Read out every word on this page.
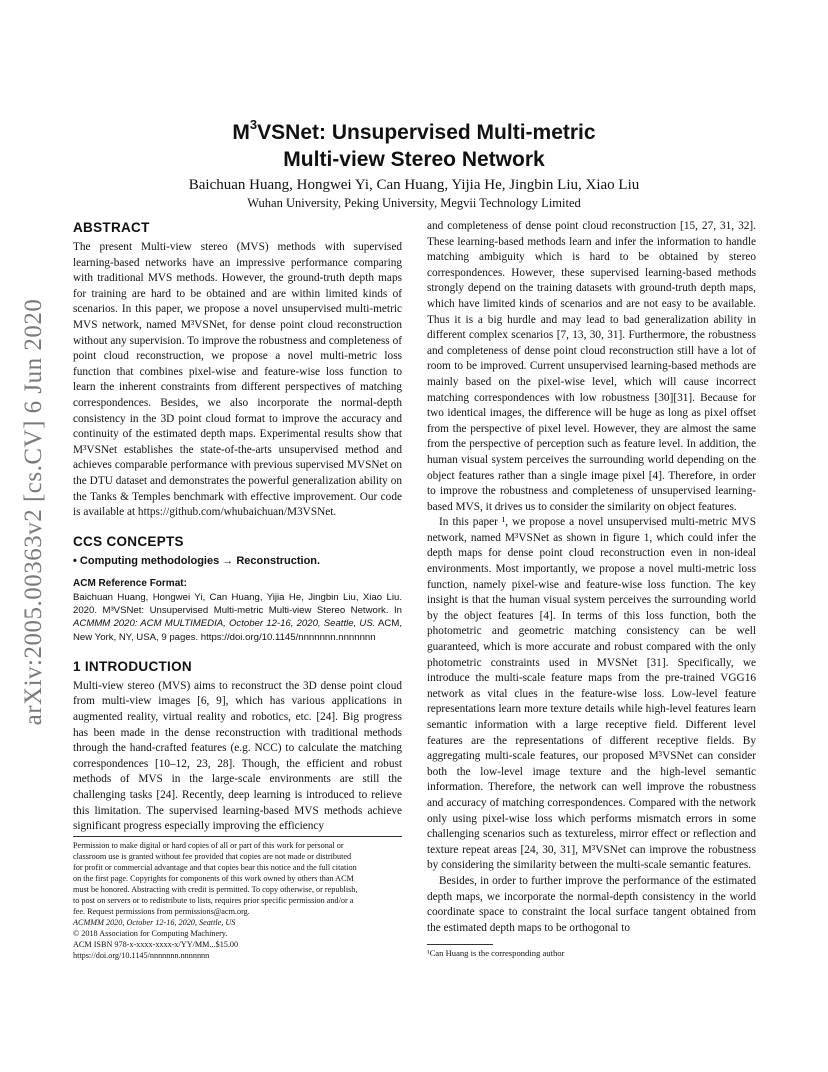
arXiv:2005.00363v2 [cs.CV] 6 Jun 2020
$M^3VSNet$: Unsupervised Multi-metric
Multi-view Stereo Network
Baichuan Huang, Hongwei Yi, Can Huang, Yijia He, Jingbin Liu, Xiao Liu
Wuhan University, Peking University, Megvii Technology Limited
ABSTRACT

The present Multi-view stereo (MVS) methods with supervised learning-based networks have an impressive performance comparing with traditional MVS methods. However, the ground-truth depth maps for training are hard to be obtained and are within limited kinds of scenarios. In this paper, we propose a novel unsupervised multi-metric MVS network, named M³VSNet, for dense point cloud reconstruction without any supervision. To improve the robustness and completeness of point cloud reconstruction, we propose a novel multi-metric loss function that combines pixel-wise and feature-wise loss function to learn the inherent constraints from different perspectives of matching correspondences. Besides, we also incorporate the normal-depth consistency in the 3D point cloud format to improve the accuracy and continuity of the estimated depth maps. Experimental results show that M³VSNet establishes the state-of-the-arts unsupervised method and achieves comparable performance with previous supervised MVSNet on the DTU dataset and demonstrates the powerful generalization ability on the Tanks & Temples benchmark with effective improvement. Our code is available at https://github.com/whubaichuan/M3VSNet.

CCS CONCEPTS

• Computing methodologies → Reconstruction.

ACM Reference Format:

Baichuan Huang, Hongwei Yi, Can Huang, Yijia He, Jingbin Liu, Xiao Liu. 2020. M³VSNet: Unsupervised Multi-metric Multi-view Stereo Network. In ACMMM 2020: ACM MULTIMEDIA, October 12-16, 2020, Seattle, US. ACM, New York, NY, USA, 9 pages. https://doi.org/10.1145/nnnnnnn.nnnnnnn

1 INTRODUCTION

Multi-view stereo (MVS) aims to reconstruct the 3D dense point cloud from multi-view images [6, 9], which has various applications in augmented reality, virtual reality and robotics, etc. [24]. Big progress has been made in the dense reconstruction with traditional methods through the hand-crafted features (e.g. NCC) to calculate the matching correspondences [10–12, 23, 28]. Though, the efficient and robust methods of MVS in the large-scale environments are still the challenging tasks [24]. Recently, deep learning is introduced to relieve this limitation. The supervised learning-based MVS methods achieve significant progress especially improving the efficiency

and completeness of dense point cloud reconstruction [15, 27, 31, 32]. These learning-based methods learn and infer the information to handle matching ambiguity which is hard to be obtained by stereo correspondences. However, these supervised learning-based methods strongly depend on the training datasets with ground-truth depth maps, which have limited kinds of scenarios and are not easy to be available. Thus it is a big hurdle and may lead to bad generalization ability in different complex scenarios [7, 13, 30, 31]. Furthermore, the robustness and completeness of dense point cloud reconstruction still have a lot of room to be improved. Current unsupervised learning-based methods are mainly based on the pixel-wise level, which will cause incorrect matching correspondences with low robustness [30][31]. Because for two identical images, the difference will be huge as long as pixel offset from the perspective of pixel level. However, they are almost the same from the perspective of perception such as feature level. In addition, the human visual system perceives the surrounding world depending on the object features rather than a single image pixel [4]. Therefore, in order to improve the robustness and completeness of unsupervised learning-based MVS, it drives us to consider the similarity on object features.

In this paper ¹, we propose a novel unsupervised multi-metric MVS network, named M³VSNet as shown in figure 1, which could infer the depth maps for dense point cloud reconstruction even in non-ideal environments. Most importantly, we propose a novel multi-metric loss function, namely pixel-wise and feature-wise loss function. The key insight is that the human visual system perceives the surrounding world by the object features [4]. In terms of this loss function, both the photometric and geometric matching consistency can be well guaranteed, which is more accurate and robust compared with the only photometric constraints used in MVSNet [31]. Specifically, we introduce the multi-scale feature maps from the pre-trained VGG16 network as vital clues in the feature-wise loss. Low-level feature representations learn more texture details while high-level features learn semantic information with a large receptive field. Different level features are the representations of different receptive fields. By aggregating multi-scale features, our proposed M³VSNet can consider both the low-level image texture and the high-level semantic information. Therefore, the network can well improve the robustness and accuracy of matching correspondences. Compared with the network only using pixel-wise loss which performs mismatch errors in some challenging scenarios such as textureless, mirror effect or reflection and texture repeat areas [24, 30, 31], M³VSNet can improve the robustness by considering the similarity between the multi-scale semantic features.

Besides, in order to further improve the performance of the estimated depth maps, we incorporate the normal-depth consistency in the world coordinate space to constraint the local surface tangent obtained from the estimated depth maps to be orthogonal to

Permission to make digital or hard copies of all or part of this work for personal or
classroom use is granted without fee provided that copies are not made or distributed
for profit or commercial advantage and that copies bear this notice and the full citation
on the first page. Copyrights for components of this work owned by others than ACM
must be honored. Abstracting with credit is permitted. To copy otherwise, or republish,
to post on servers or to redistribute to lists, requires prior specific permission and/or a
fee. Request permissions from permissions@acm.org.
ACMMM 2020, October 12-16, 2020, Seattle, US
© 2018 Association for Computing Machinery.
ACM ISBN 978-x-xxxx-xxxx-x/YY/MM...$15.00
https://doi.org/10.1145/nnnnnnn.nnnnnnn	¹Can Huang is the corresponding author
